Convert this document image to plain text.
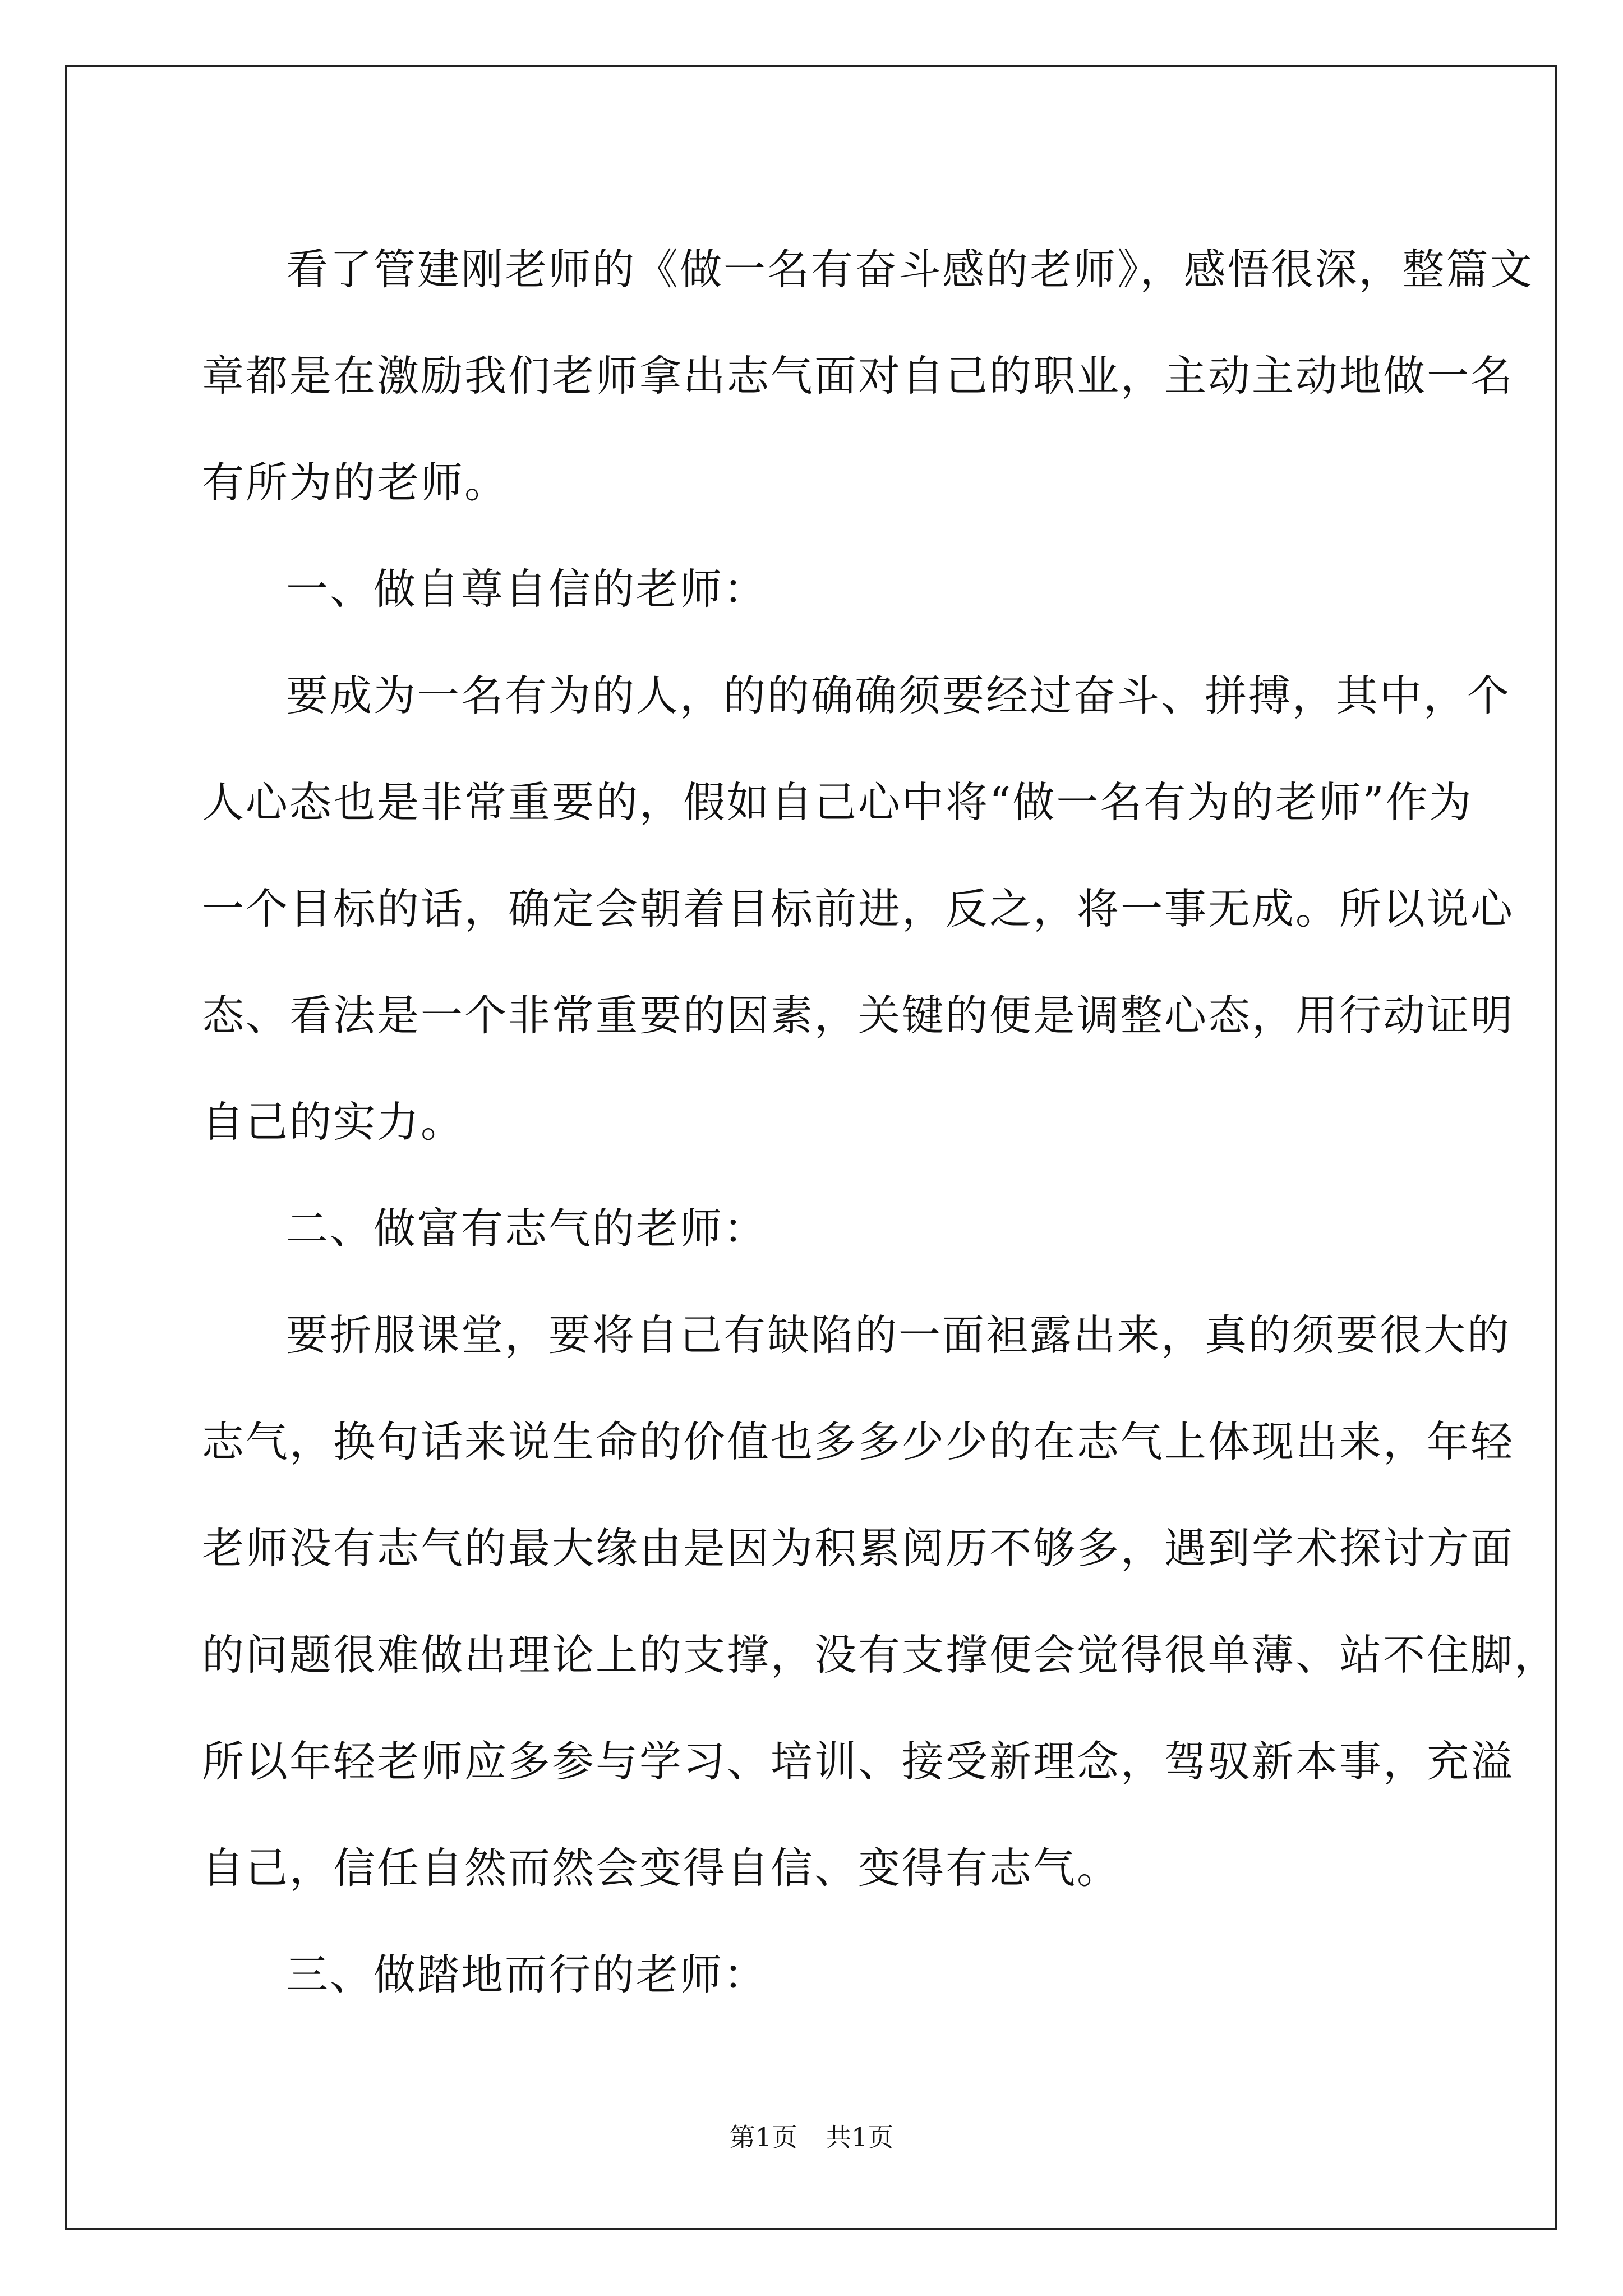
看了管建刚老师的《做一名有奋斗感的老师》，感悟很深，整篇文
章都是在激励我们老师拿出志气面对自己的职业，主动主动地做一名
有所为的老师。
一、做自尊自信的老师：
要成为一名有为的人，的的确确须要经过奋斗、拼搏，其中，个
人心态也是非常重要的，假如自己心中将“做一名有为的老师”作为
一个目标的话，确定会朝着目标前进，反之，将一事无成。所以说心
态、看法是一个非常重要的因素，关键的便是调整心态，用行动证明
自己的实力。
二、做富有志气的老师：
要折服课堂，要将自己有缺陷的一面袒露出来，真的须要很大的
志气，换句话来说生命的价值也多多少少的在志气上体现出来，年轻
老师没有志气的最大缘由是因为积累阅历不够多，遇到学术探讨方面
的问题很难做出理论上的支撑，没有支撑便会觉得很单薄、站不住脚，
所以年轻老师应多参与学习、培训、接受新理念，驾驭新本事，充溢
自己，信任自然而然会变得自信、变得有志气。
三、做踏地而行的老师：
第1页 共1页
